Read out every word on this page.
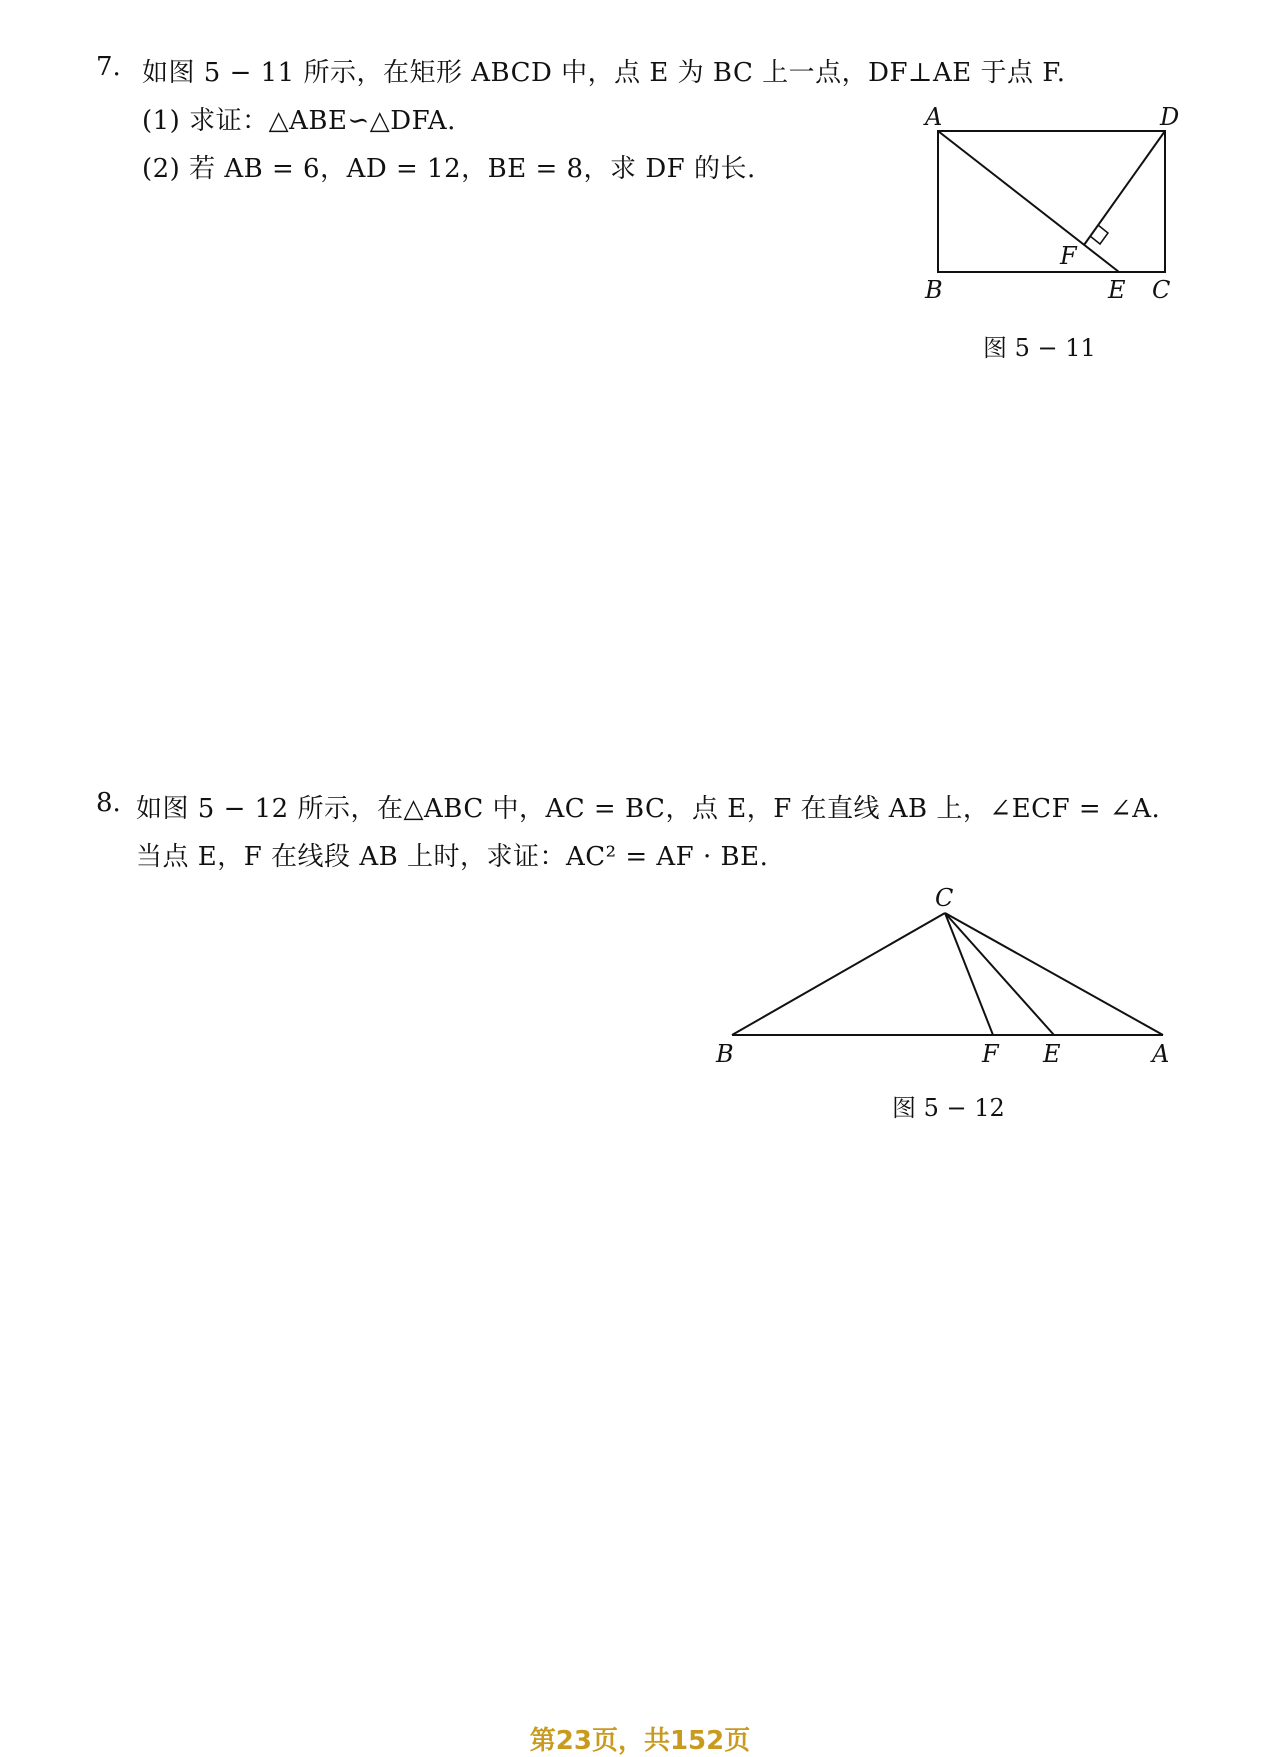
7. 如图 5 − 11 所示，在矩形 ABCD 中，点 E 为 BC 上一点，DF⊥AE 于点 F.
(1) 求证：△ABE∽△DFA.
(2) 若 AB = 6，AD = 12，BE = 8，求 DF 的长.
A	D
B	E C
F
图 5 − 11
8. 如图 5 − 12 所示，在△ABC 中，AC = BC，点 E，F 在直线 AB 上，∠ECF = ∠A.
当点 E，F 在线段 AB 上时，求证：AC² = AF · BE.
C
B	F E	A
图 5 − 12
第23页，共152页
